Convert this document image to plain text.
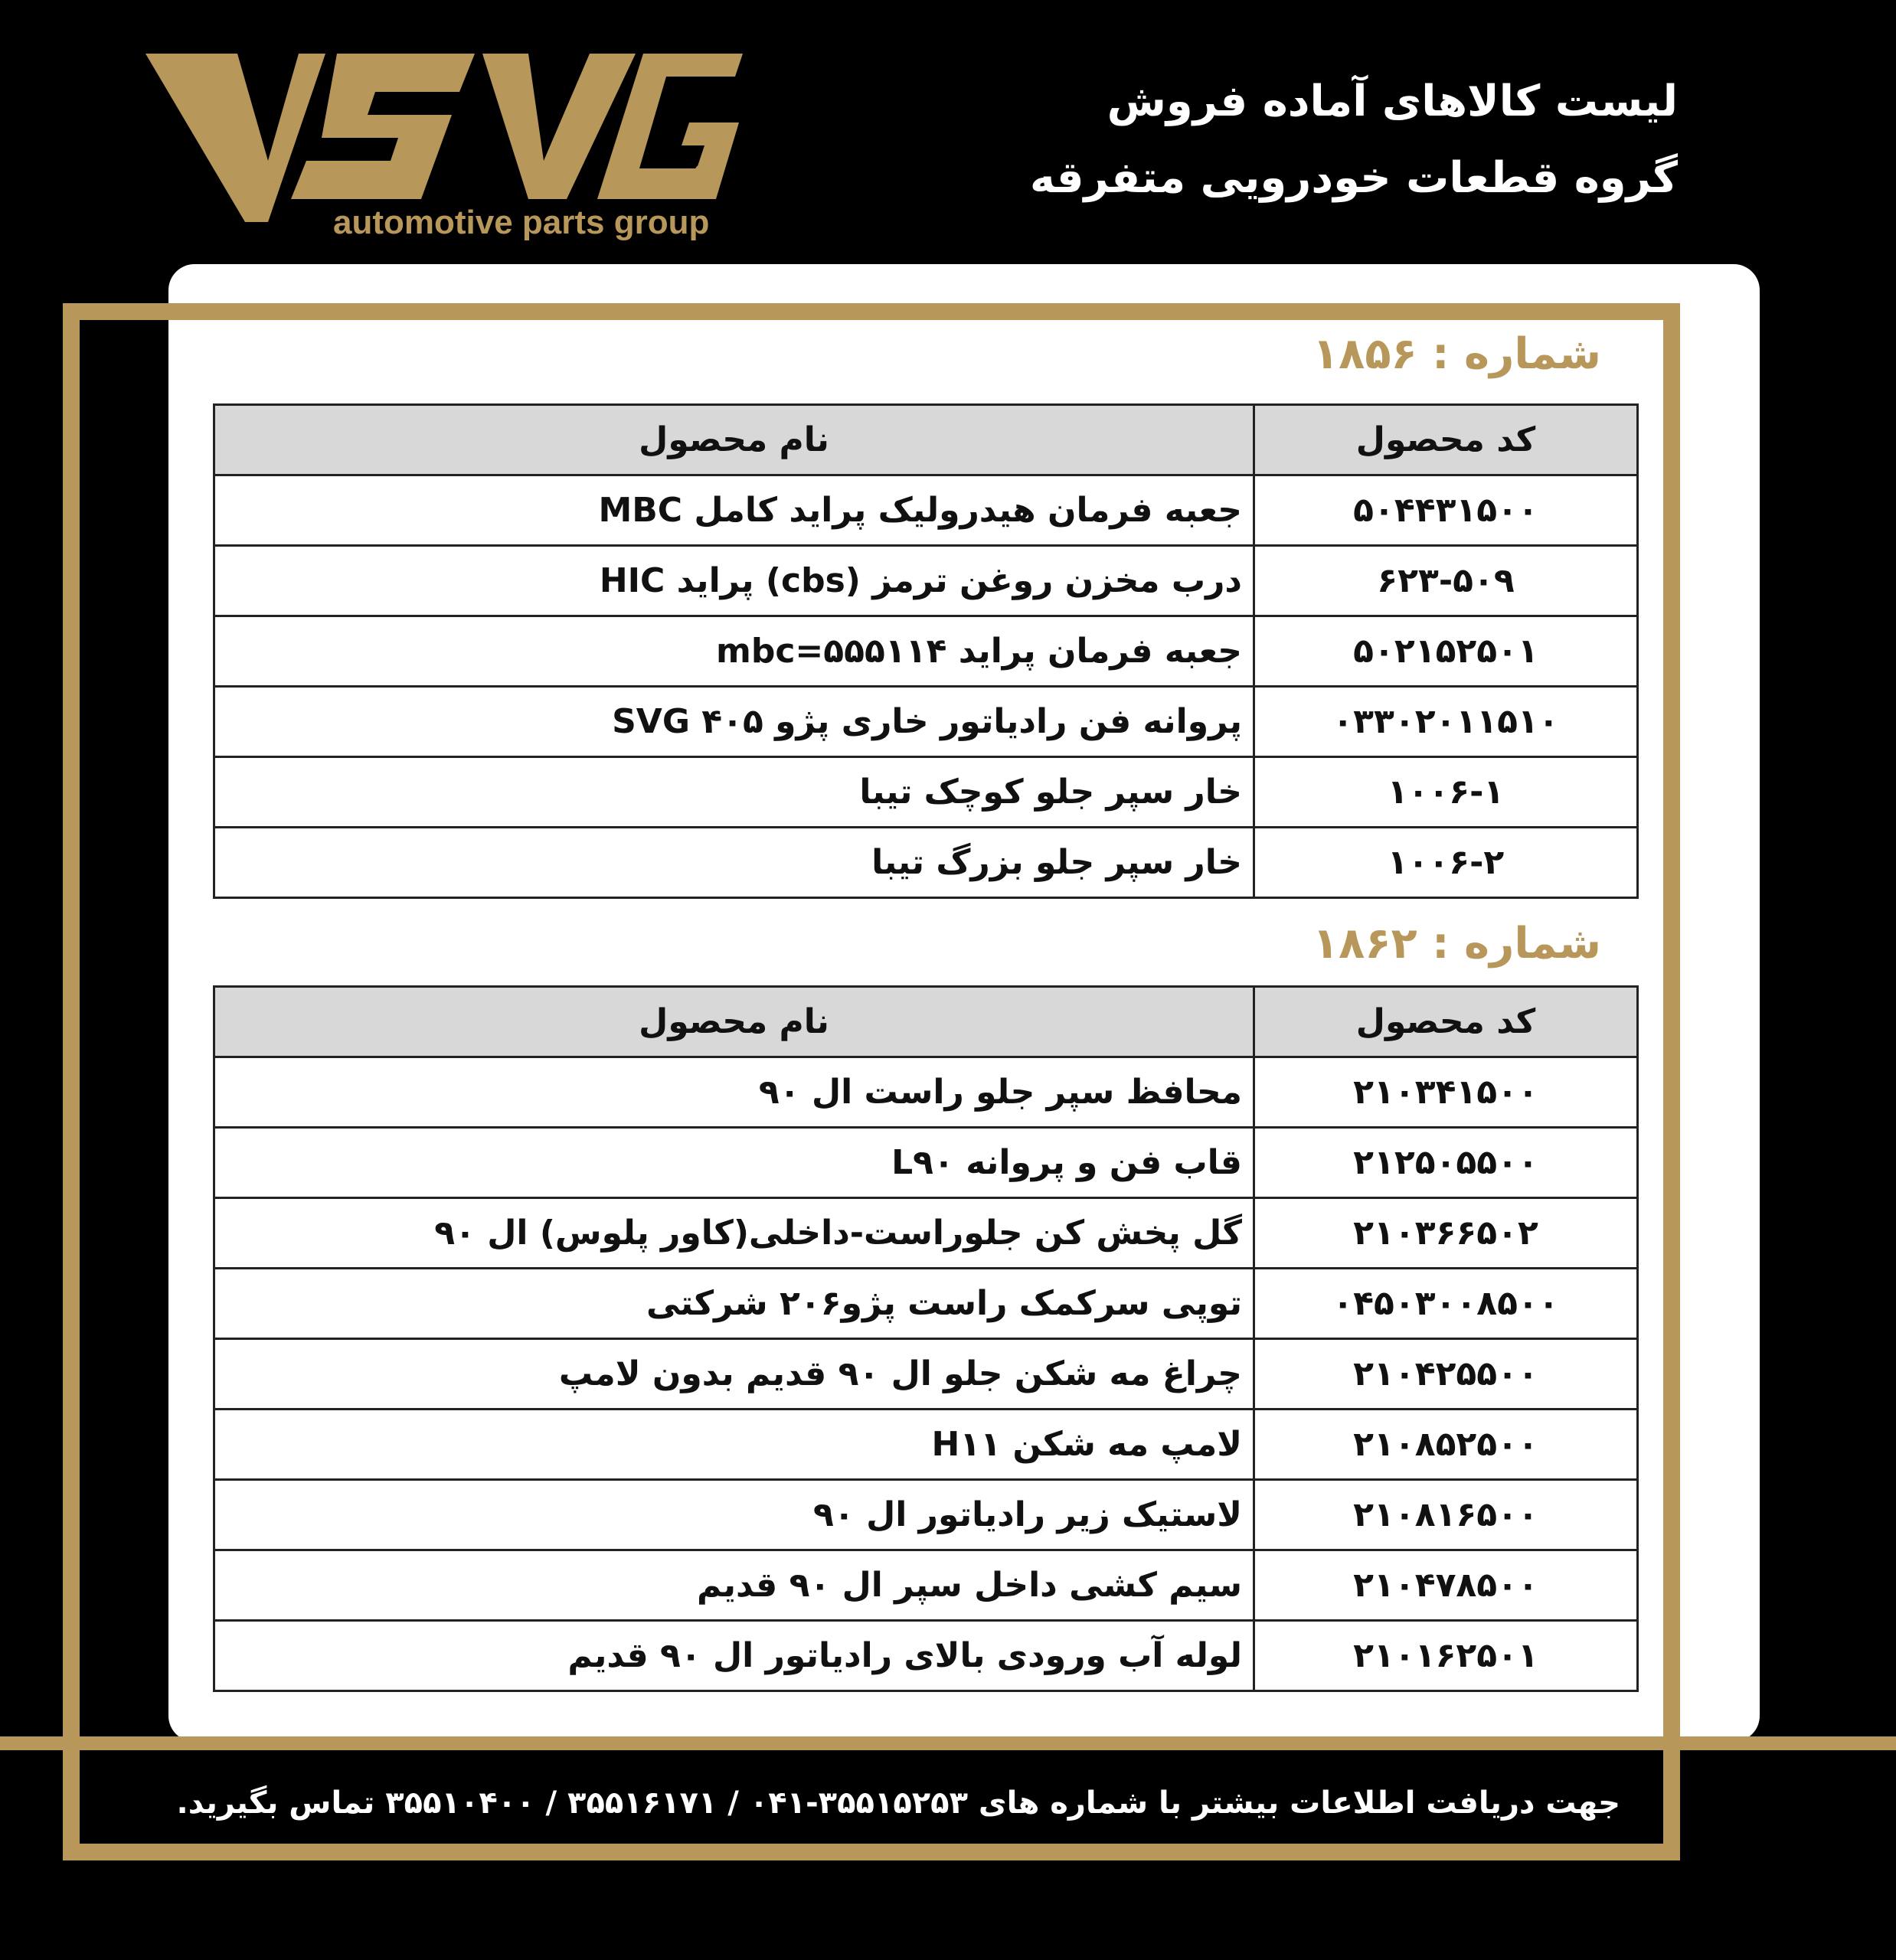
automotive parts group
®
لیست کالاهای آماده فروش
گروه قطعات خودرویی متفرقه
شماره : ۱۸۵۶
کد محصول	نام محصول
۵۰۴۴۳۱۵۰۰	جعبه فرمان هیدرولیک پراید کامل MBC
۶۲۳-۵۰۹	درب مخزن روغن ترمز (cbs) پراید HIC
۵۰۲۱۵۲۵۰۱	جعبه فرمان پراید ۵۵۵۱۱۴=mbc
۰۳۳۰۲۰۱۱۵۱۰	پروانه فن رادیاتور خاری پژو ۴۰۵ SVG
۱۰۰۶-۱	خار سپر جلو کوچک تیبا
۱۰۰۶-۲	خار سپر جلو بزرگ تیبا
شماره : ۱۸۶۲
کد محصول	نام محصول
۲۱۰۳۴۱۵۰۰	محافظ سپر جلو راست ال ۹۰
۲۱۲۵۰۵۵۰۰	قاب فن و پروانه L۹۰
۲۱۰۳۶۶۵۰۲	گل پخش کن جلوراست-داخلی(کاور پلوس) ال ۹۰
۰۴۵۰۳۰۰۸۵۰۰	توپی سرکمک راست پژو۲۰۶ شرکتی
۲۱۰۴۲۵۵۰۰	چراغ مه شکن جلو ال ۹۰ قدیم بدون لامپ
۲۱۰۸۵۲۵۰۰	لامپ مه شکن H۱۱
۲۱۰۸۱۶۵۰۰	لاستیک زیر رادیاتور ال ۹۰
۲۱۰۴۷۸۵۰۰	سیم کشی داخل سپر ال ۹۰ قدیم
۲۱۰۱۶۲۵۰۱	لوله آب ورودی بالای رادیاتور ال ۹۰ قدیم
جهت دریافت اطلاعات بیشتر با شماره های ۳۵۵۱۵۲۵۳-۰۴۱ / ۳۵۵۱۶۱۷۱ / ۳۵۵۱۰۴۰۰ تماس بگیرید.
